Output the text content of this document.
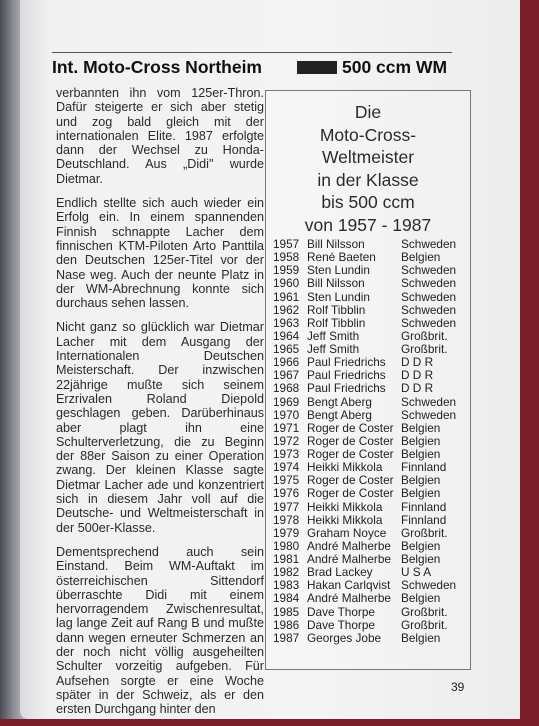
Int. Moto-Cross Northeim	500 ccm WM

verbannten ihn vom 125er-Thron. Dafür steigerte er sich aber stetig und zog bald gleich mit der internationalen Elite. 1987 erfolgte dann der Wechsel zu Honda-Deutschland. Aus „Didi" wurde Dietmar.

Endlich stellte sich auch wieder ein Erfolg ein. In einem spannenden Finnish schnappte Lacher dem finnischen KTM-Piloten Arto Panttila den Deutschen 125er-Titel vor der Nase weg. Auch der neunte Platz in der WM-Abrechnung konnte sich durchaus sehen lassen.

Nicht ganz so glücklich war Dietmar Lacher mit dem Ausgang der Internationalen Deutschen Meisterschaft. Der inzwischen 22jährige mußte sich seinem Erzrivalen Roland Diepold geschlagen geben. Darüberhinaus aber plagt ihn eine Schulterverletzung, die zu Beginn der 88er Saison zu einer Operation zwang. Der kleinen Klasse sagte Dietmar Lacher ade und konzentriert sich in diesem Jahr voll auf die Deutsche- und Weltmeisterschaft in der 500er-Klasse.

Dementsprechend auch sein Einstand. Beim WM-Auftakt im österreichischen Sittendorf überraschte Didi mit einem hervorragendem Zwischenresultat, lag lange Zeit auf Rang B und mußte dann wegen erneuter Schmerzen an der noch nicht völlig ausgeheilten Schulter vorzeitig aufgeben. Für Aufsehen sorgte er eine Woche später in der Schweiz, als er den ersten Durchgang hinter den

Die
Moto-Cross-
Weltmeister
in der Klasse
bis 500 ccm
von 1957 - 1987
1957 Bill Nilsson	Schweden
1958 René Baeten Belgien
1959 Sten Lundin	Schweden
1960 Bill Nilsson	Schweden
1961 Sten Lundin	Schweden
1962 Rolf Tibblin	Schweden
1963 Rolf Tibblin	Schweden
1964 Jeff Smith	Großbrit.
1965 Jeff Smith	Großbrit.
1966 Paul Friedrichs D D R
1967 Paul Friedrichs D D R
1968 Paul Friedrichs D D R
1969 Bengt Aberg Schweden
1970 Bengt Aberg Schweden
1971 Roger de Coster Belgien
1972 Roger de Coster Belgien
1973 Roger de Coster Belgien
1974 Heikki Mikkola Finnland
1975 Roger de Coster Belgien
1976 Roger de Coster Belgien
1977 Heikki Mikkola Finnland
1978 Heikki Mikkola Finnland
1979 Graham Noyce Großbrit.
1980 André Malherbe Belgien
1981 André Malherbe Belgien
1982 Brad Lackey U S A
1983 Hakan Carlqvist Schweden
1984 André Malherbe Belgien
1985 Dave Thorpe Großbrit.
1986 Dave Thorpe Großbrit.
1987 Georges Jobe Belgien
39
